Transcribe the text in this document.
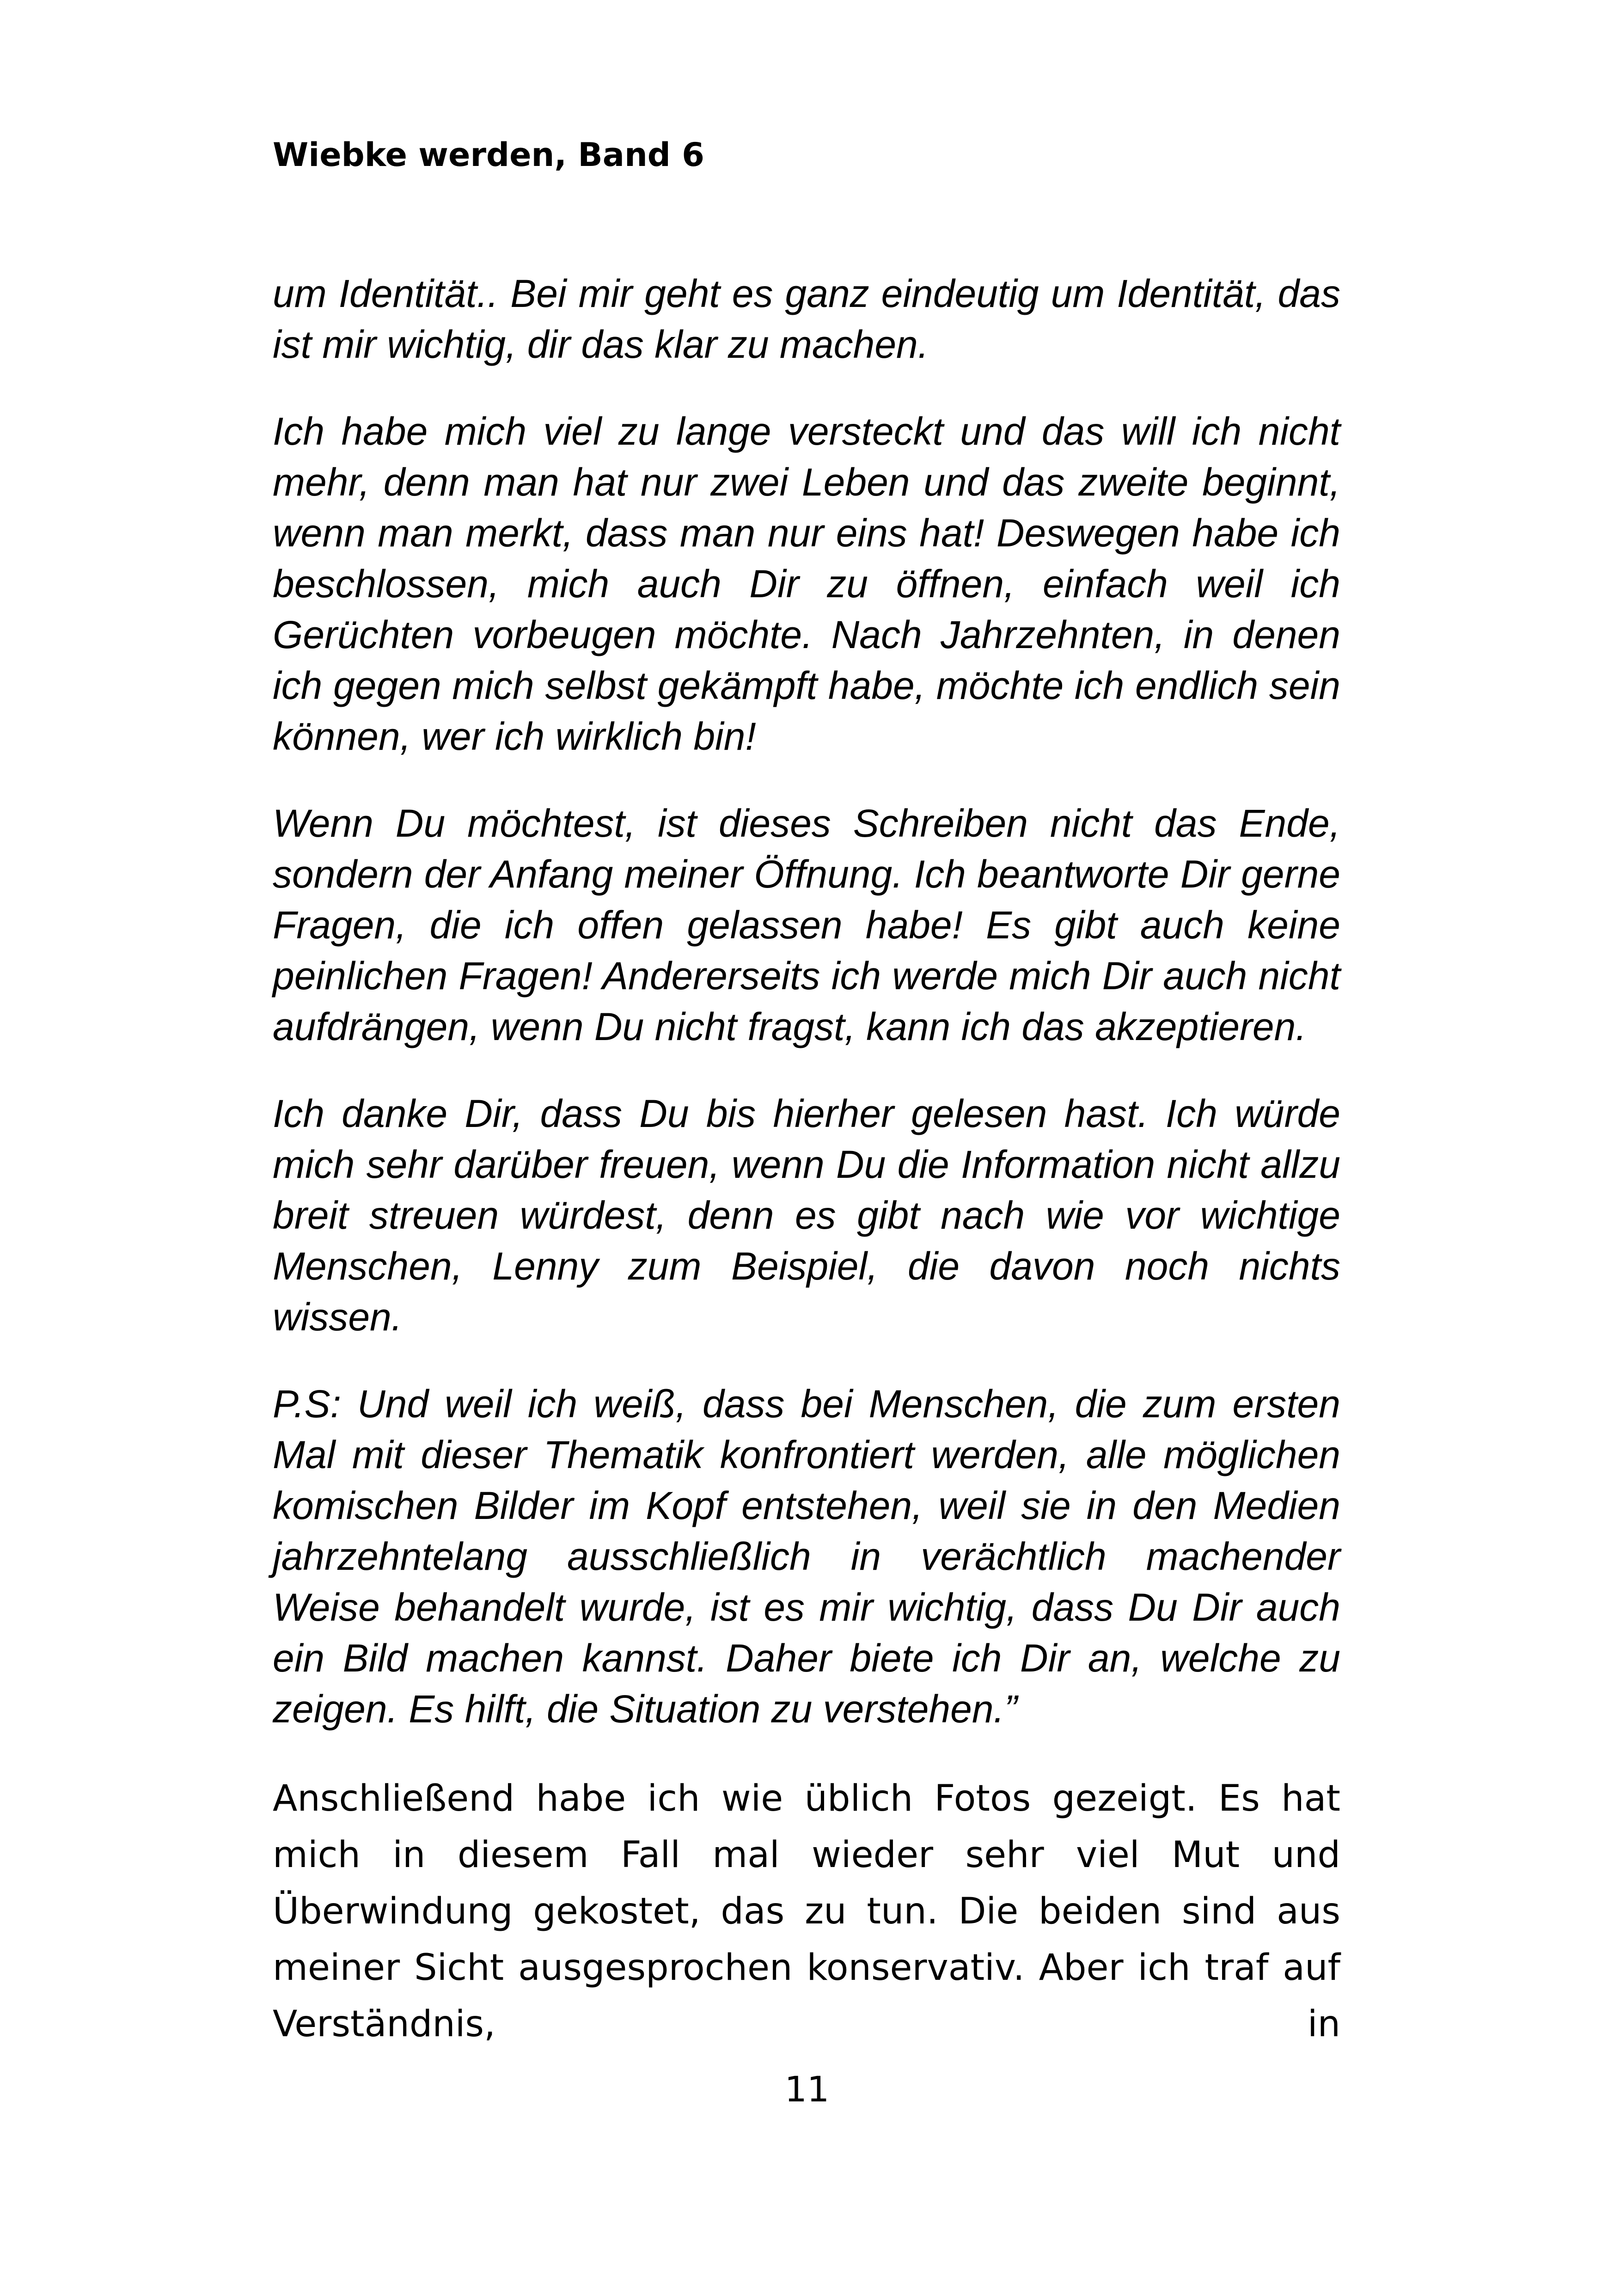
Wiebke werden, Band 6

um Identität.. Bei mir geht es ganz eindeutig um Identität, das ist mir wichtig, dir das klar zu machen.

Ich habe mich viel zu lange versteckt und das will ich nicht mehr, denn man hat nur zwei Leben und das zweite beginnt, wenn man merkt, dass man nur eins hat! Deswegen habe ich beschlossen, mich auch Dir zu öffnen, einfach weil ich Gerüchten vorbeugen möchte. Nach Jahrzehnten, in denen ich gegen mich selbst gekämpft habe, möchte ich endlich sein können, wer ich wirklich bin!

Wenn Du möchtest, ist dieses Schreiben nicht das Ende, sondern der Anfang meiner Öffnung. Ich beantworte Dir gerne Fragen, die ich offen gelassen habe! Es gibt auch keine peinlichen Fragen! Andererseits ich werde mich Dir auch nicht aufdrängen, wenn Du nicht fragst, kann ich das akzeptieren.

Ich danke Dir, dass Du bis hierher gelesen hast. Ich würde mich sehr darüber freuen, wenn Du die Information nicht allzu breit streuen würdest, denn es gibt nach wie vor wichtige Menschen, Lenny zum Beispiel, die davon noch nichts wissen.

P.S: Und weil ich weiß, dass bei Menschen, die zum ersten Mal mit dieser Thematik konfrontiert werden, alle möglichen komischen Bilder im Kopf entstehen, weil sie in den Medien jahrzehntelang ausschließlich in verächtlich machender Weise behandelt wurde, ist es mir wichtig, dass Du Dir auch ein Bild machen kannst. Daher biete ich Dir an, welche zu zeigen. Es hilft, die Situation zu verstehen.”

Anschließend habe ich wie üblich Fotos gezeigt. Es hat mich in diesem Fall mal wieder sehr viel Mut und Überwindung gekostet, das zu tun. Die beiden sind aus meiner Sicht ausgesprochen konservativ. Aber ich traf auf Verständnis, in

11
